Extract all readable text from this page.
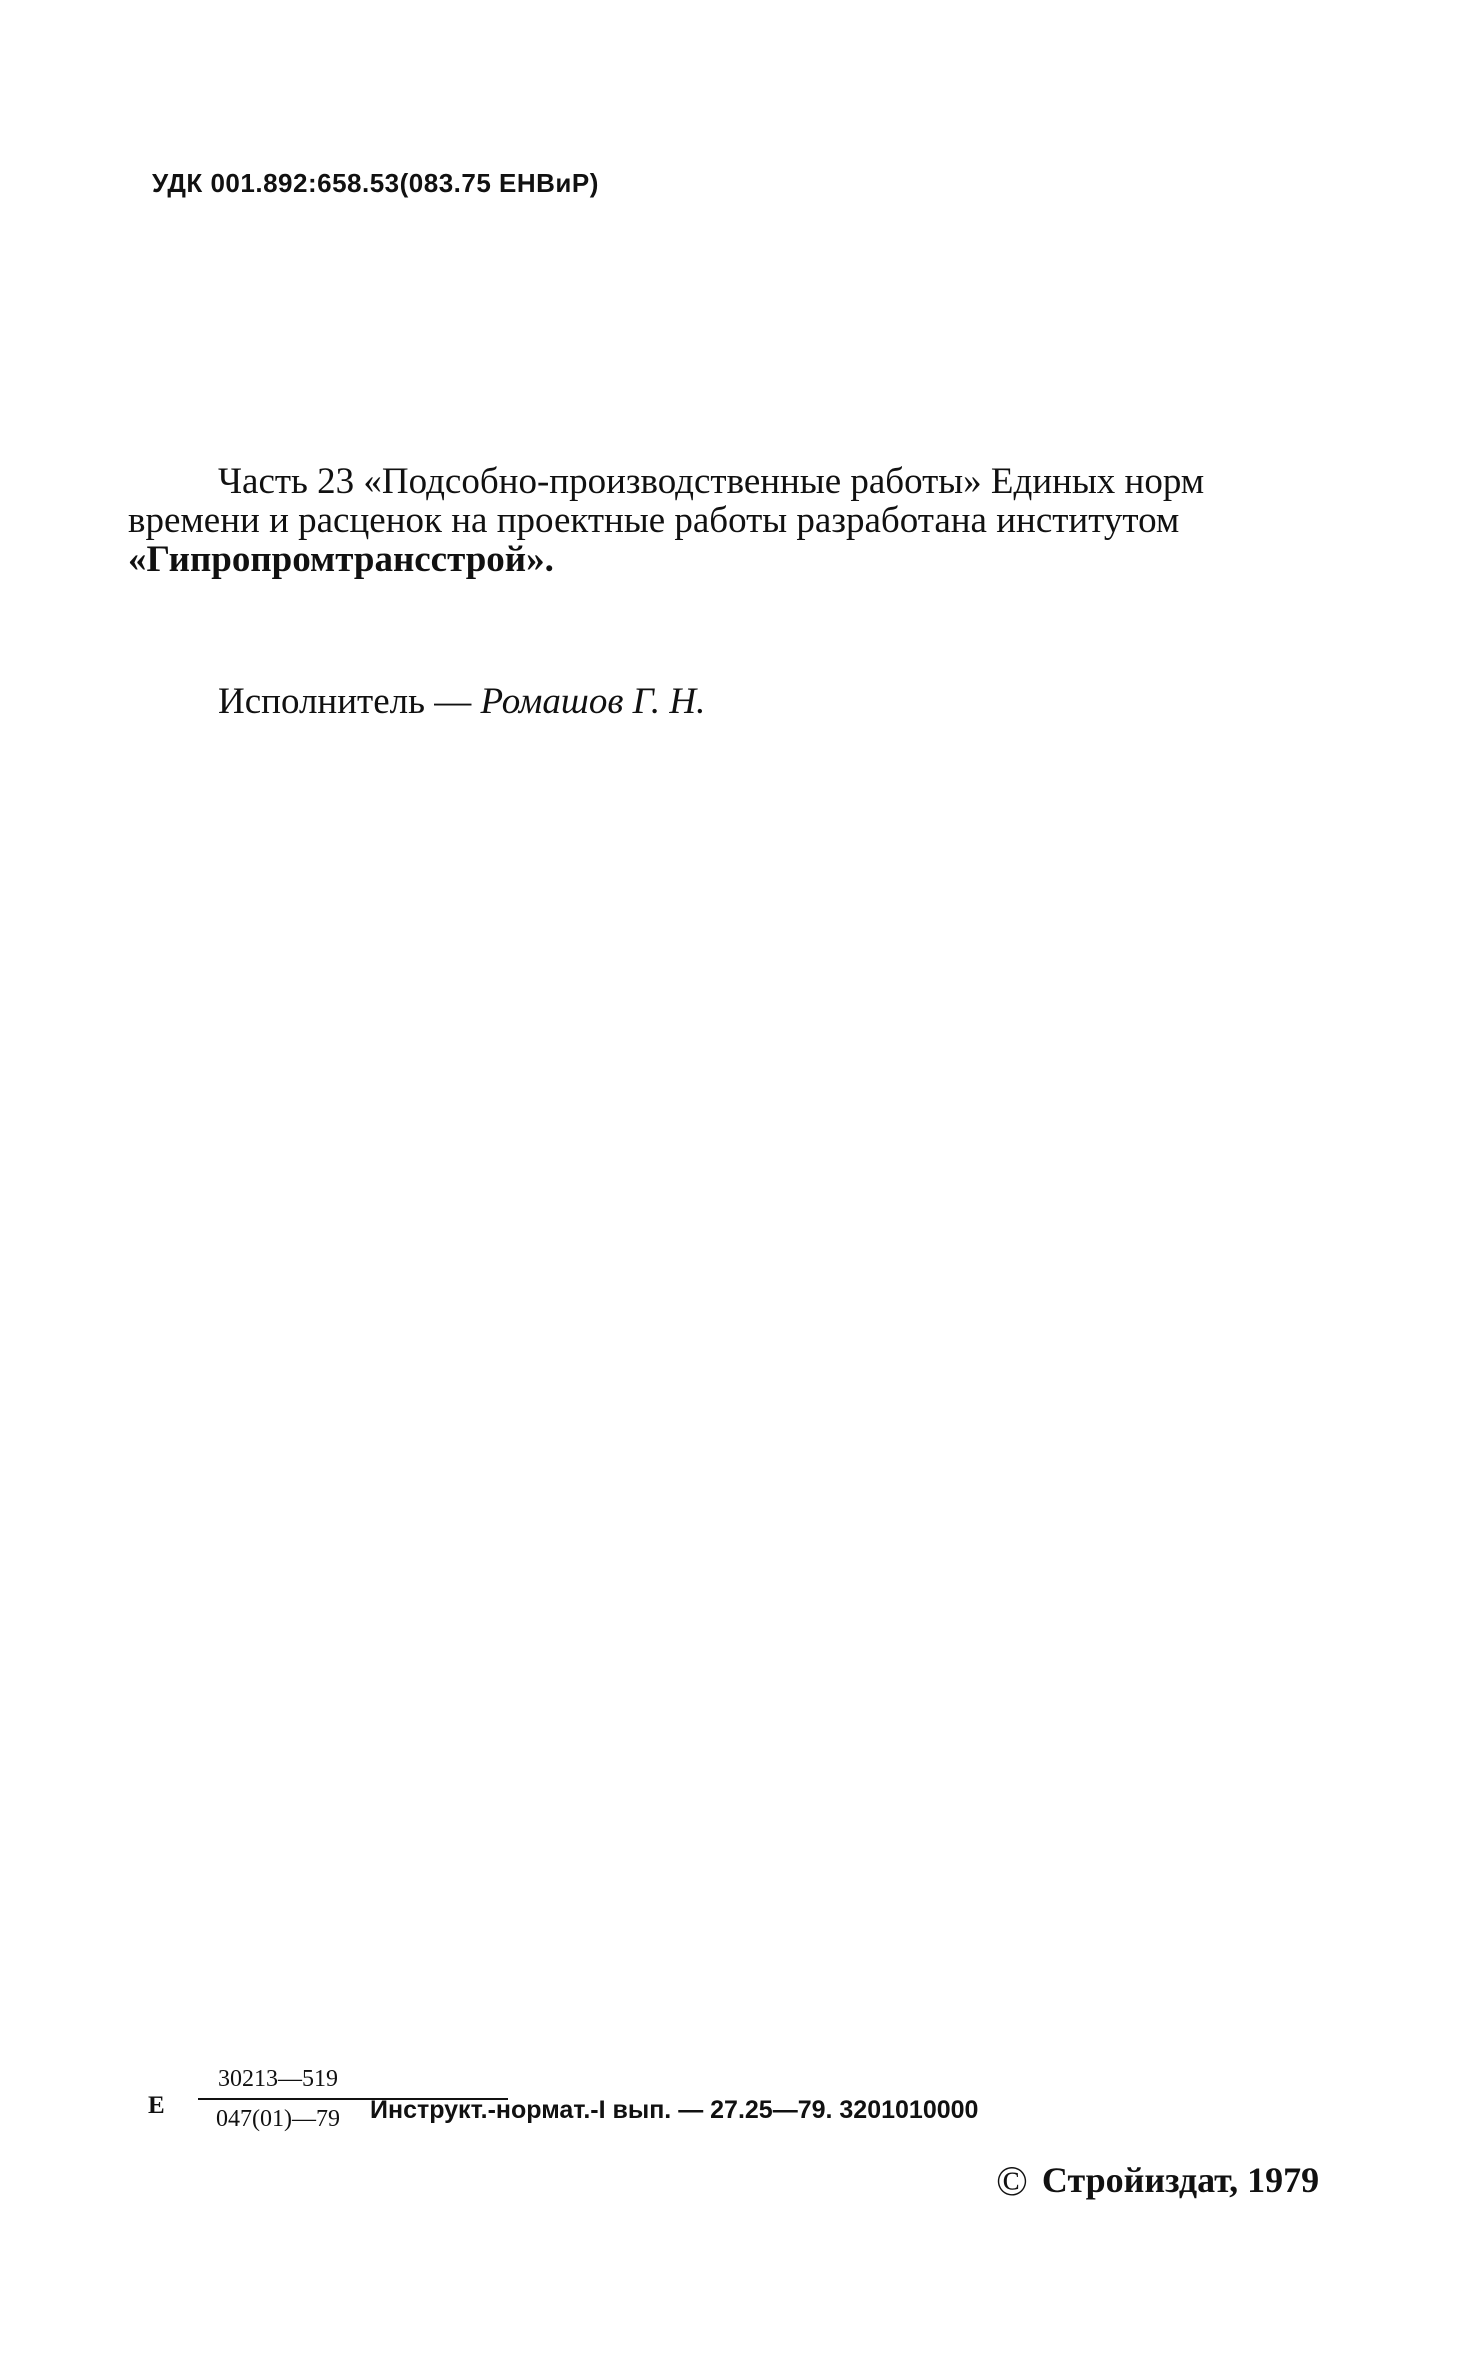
УДК 001.892:658.53(083.75 ЕНВиР)
Часть 23 «Подсобно-производственные работы» Единых норм
времени и расценок на проектные работы разработана институтом
«Гипропромтрансстрой».
Исполнитель — Ромашов Г. Н.
Е
30213—519
047(01)—79	Инструкт.-нормат.-I вып. — 27.25—79. 3201010000
© Стройиздат, 1979
